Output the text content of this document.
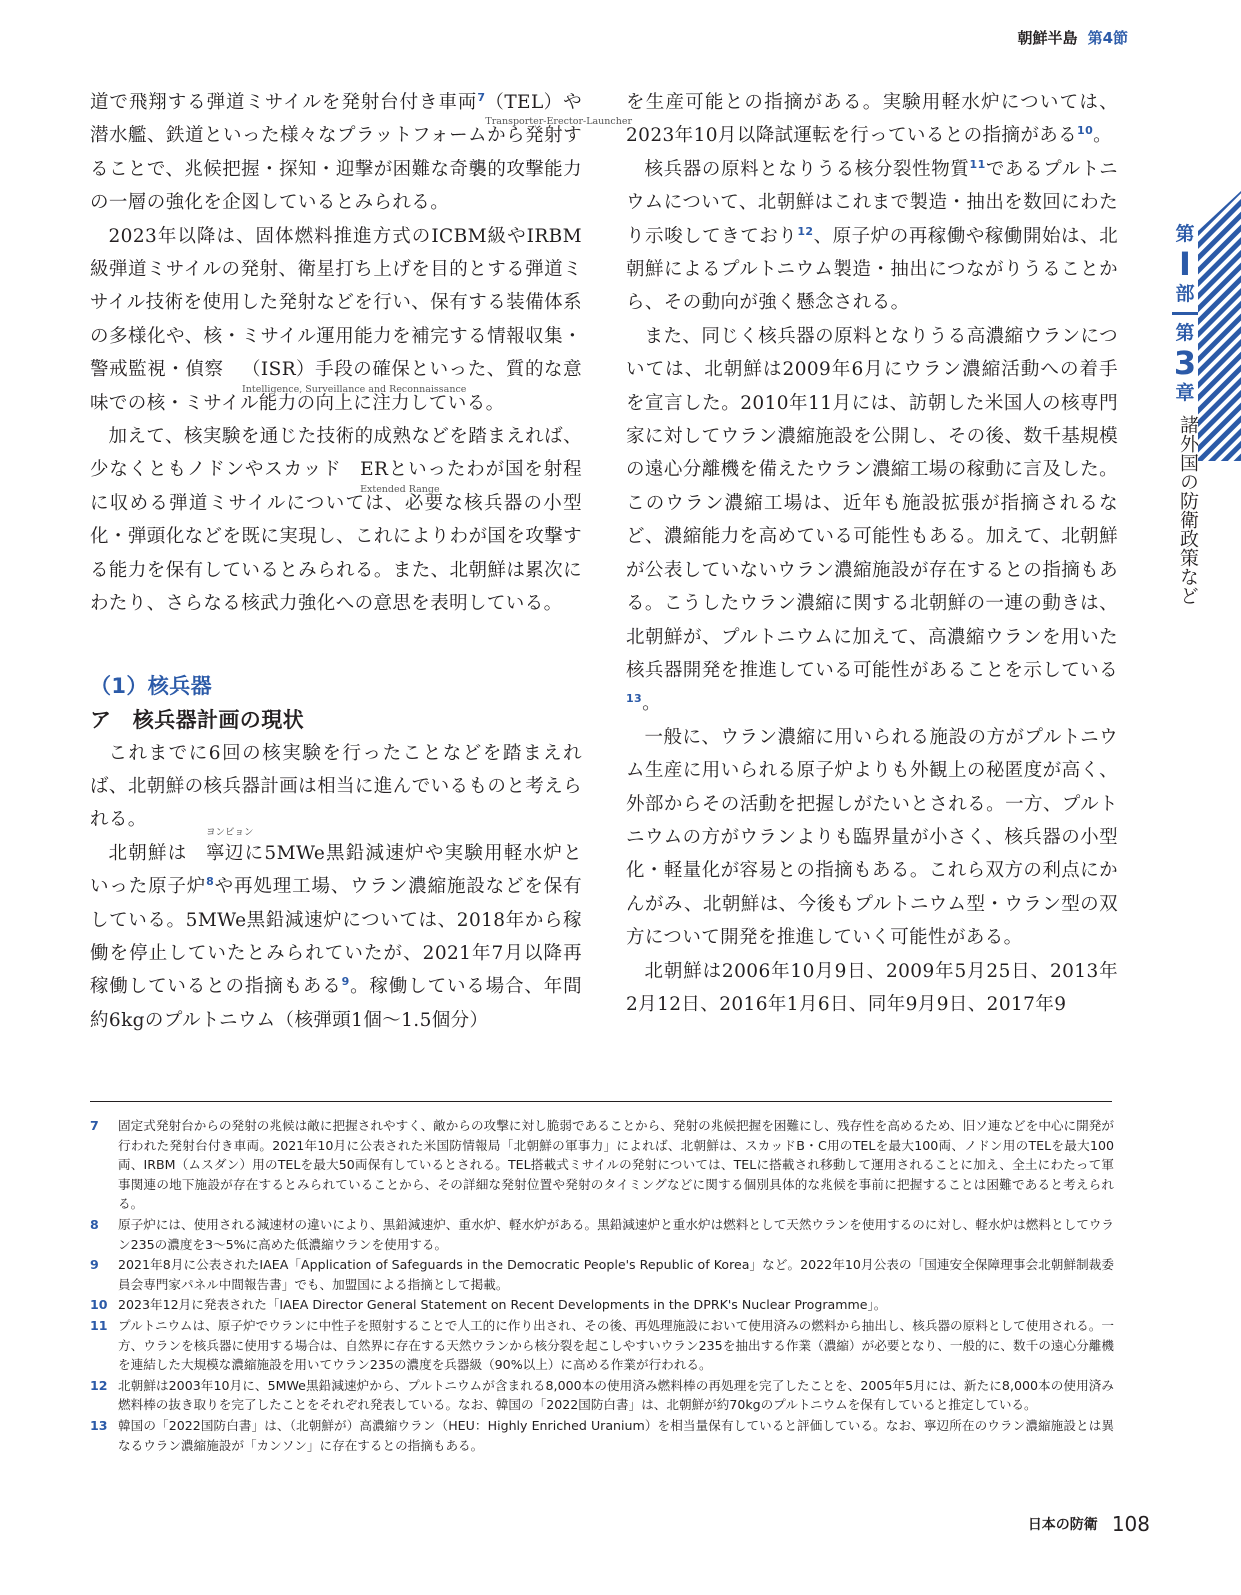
朝鮮半島 第4節
第
I
部
第
3
章
諸外国の防衛政策など

道で飛翔する弾道ミサイルを発射台付き車両$^7$（TEL）
Transporter-Erector-Launcher
や潜水艦、鉄道といった様々なプラットフォームから発射することで、兆候把握・探知・迎撃が困難な奇襲的攻撃能力の一層の強化を企図しているとみられる。

2023年以降は、固体燃料推進方式のICBM級やIRBM級弾道ミサイルの発射、衛星打ち上げを目的とする弾道ミサイル技術を使用した発射などを行い、保有する装備体系の多様化や、核・ミサイル運用能力を補完する情報収集・警戒監視・偵察 （ISR）
Intelligence, Surveillance and Reconnaissance
手段の確保といった、質的な意味での核・ミサイル能力の向上に注力している。

加えて、核実験を通じた技術的成熟などを踏まえれば、少なくともノドンやスカッド ER
Extended Range
といったわが国を射程に収める弾道ミサイルについては、必要な核兵器の小型化・弾頭化などを既に実現し、これによりわが国を攻撃する能力を保有しているとみられる。また、北朝鮮は累次にわたり、さらなる核武力強化への意思を表明している。

（1）核兵器
ア　核兵器計画の現状

これまでに6回の核実験を行ったことなどを踏まえれば、北朝鮮の核兵器計画は相当に進んでいるものと考えられる。

北朝鮮は 寧辺
ヨンビョン
に5MWe黒鉛減速炉や実験用軽水炉といった原子炉$^8$や再処理工場、ウラン濃縮施設などを保有している。5MWe黒鉛減速炉については、2018年から稼働を停止していたとみられていたが、2021年7月以降再稼働しているとの指摘もある$^9$。稼働している場合、年間約6kgのプルトニウム（核弾頭1個～1.5個分）

を生産可能との指摘がある。実験用軽水炉については、2023年10月以降試運転を行っているとの指摘がある$^{10}$。

核兵器の原料となりうる核分裂性物質$^{11}$であるプルトニウムについて、北朝鮮はこれまで製造・抽出を数回にわたり示唆してきており$^{12}$、原子炉の再稼働や稼働開始は、北朝鮮によるプルトニウム製造・抽出につながりうることから、その動向が強く懸念される。

また、同じく核兵器の原料となりうる高濃縮ウランについては、北朝鮮は2009年6月にウラン濃縮活動への着手を宣言した。2010年11月には、訪朝した米国人の核専門家に対してウラン濃縮施設を公開し、その後、数千基規模の遠心分離機を備えたウラン濃縮工場の稼動に言及した。このウラン濃縮工場は、近年も施設拡張が指摘されるなど、濃縮能力を高めている可能性もある。加えて、北朝鮮が公表していないウラン濃縮施設が存在するとの指摘もある。こうしたウラン濃縮に関する北朝鮮の一連の動きは、北朝鮮が、プルトニウムに加えて、高濃縮ウランを用いた核兵器開発を推進している可能性があることを示している$^{13}$。

一般に、ウラン濃縮に用いられる施設の方がプルトニウム生産に用いられる原子炉よりも外観上の秘匿度が高く、外部からその活動を把握しがたいとされる。一方、プルトニウムの方がウランよりも臨界量が小さく、核兵器の小型化・軽量化が容易との指摘もある。これら双方の利点にかんがみ、北朝鮮は、今後もプルトニウム型・ウラン型の双方について開発を推進していく可能性がある。

北朝鮮は2006年10月9日、2009年5月25日、2013年2月12日、2016年1月6日、同年9月9日、2017年9

7	固定式発射台からの発射の兆候は敵に把握されやすく、敵からの攻撃に対し脆弱であることから、発射の兆候把握を困難にし、残存性を高めるため、旧ソ連などを中心に開発が行われた発射台付き車両。2021年10月に公表された米国防情報局「北朝鮮の軍事力」によれば、北朝鮮は、スカッドB・C用のTELを最大100両、ノドン用のTELを最大100両、IRBM（ムスダン）用のTELを最大50両保有しているとされる。TEL搭載式ミサイルの発射については、TELに搭載され移動して運用されることに加え、全土にわたって軍事関連の地下施設が存在するとみられていることから、その詳細な発射位置や発射のタイミングなどに関する個別具体的な兆候を事前に把握することは困難であると考えられる。
8	原子炉には、使用される減速材の違いにより、黒鉛減速炉、重水炉、軽水炉がある。黒鉛減速炉と重水炉は燃料として天然ウランを使用するのに対し、軽水炉は燃料としてウラン235の濃度を3～5%に高めた低濃縮ウランを使用する。
9	2021年8月に公表されたIAEA「Application of Safeguards in the Democratic People's Republic of Korea」など。2022年10月公表の「国連安全保障理事会北朝鮮制裁委員会専門家パネル中間報告書」でも、加盟国による指摘として掲載。
10 2023年12月に発表された「IAEA Director General Statement on Recent Developments in the DPRK's Nuclear Programme」。
11 プルトニウムは、原子炉でウランに中性子を照射することで人工的に作り出され、その後、再処理施設において使用済みの燃料から抽出し、核兵器の原料として使用される。一方、ウランを核兵器に使用する場合は、自然界に存在する天然ウランから核分裂を起こしやすいウラン235を抽出する作業（濃縮）が必要となり、一般的に、数千の遠心分離機を連結した大規模な濃縮施設を用いてウラン235の濃度を兵器級（90%以上）に高める作業が行われる。
12 北朝鮮は2003年10月に、5MWe黒鉛減速炉から、プルトニウムが含まれる8,000本の使用済み燃料棒の再処理を完了したことを、2005年5月には、新たに8,000本の使用済み燃料棒の抜き取りを完了したことをそれぞれ発表している。なお、韓国の「2022国防白書」は、北朝鮮が約70kgのプルトニウムを保有していると推定している。
13 韓国の「2022国防白書」は、（北朝鮮が）高濃縮ウラン（HEU：Highly Enriched Uranium）を相当量保有していると評価している。なお、寧辺所在のウラン濃縮施設とは異なるウラン濃縮施設が「カンソン」に存在するとの指摘もある。
日本の防衛 108
